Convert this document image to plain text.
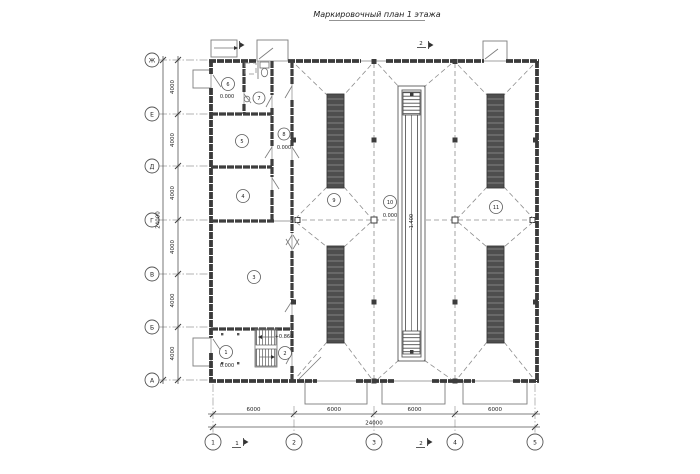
Маркировочный план 1 этажа
Ж
Е
Д
Г
В
Б
А
4000
4000
4000
4000
4000
4000
24000
6000	6000	6000	6000
24000
1	2	3	4	5
2
1	2
1
0.000
2
+0.860
3
4
5
6
0.000	7
8
0.000
9	10
0.000
11
-1.400
